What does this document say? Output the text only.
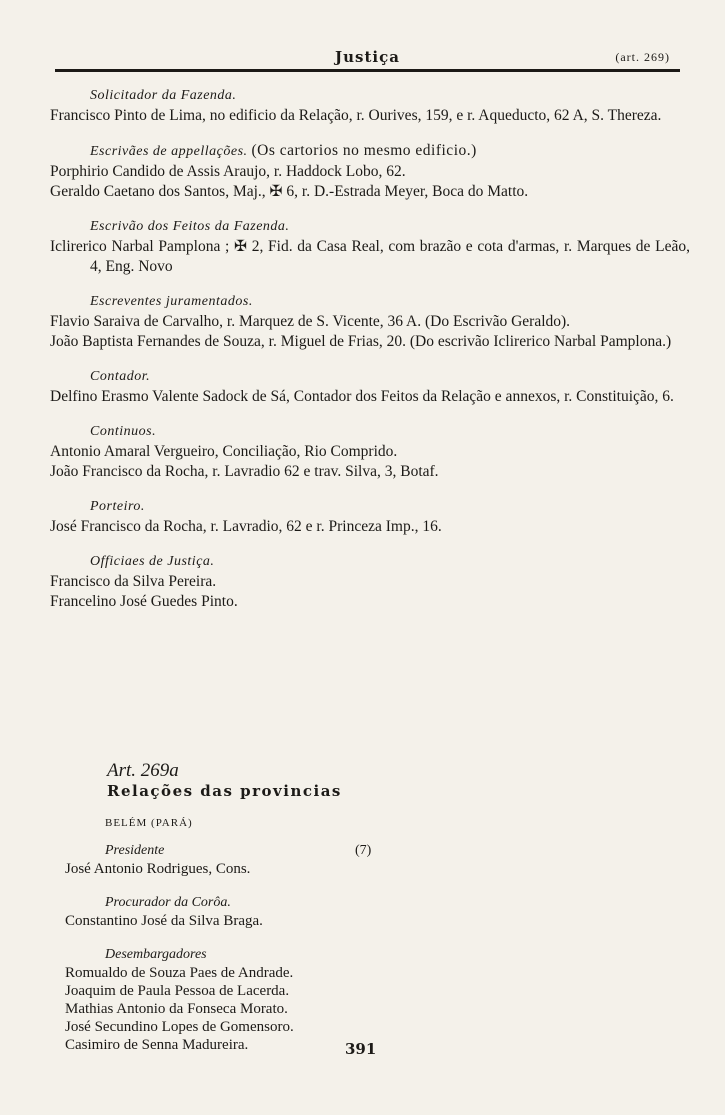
Justiça	(art. 269)
Solicitador da Fazenda.
Francisco Pinto de Lima, no edificio da Relação, r. Ourives, 159, e r. Aqueducto, 62 A, S. Thereza.
Escrivães de appellações. (Os cartorios no mesmo edificio.)
Porphirio Candido de Assis Araujo, r. Haddock Lobo, 62.
Geraldo Caetano dos Santos, Maj., ✠ 6, r. D.-Estrada Meyer, Boca do Matto.
Escrivão dos Feitos da Fazenda.
Iclirerico Narbal Pamplona ; ✠ 2, Fid. da Casa Real, com brazão e cota d'armas, r. Marques de Leão, 4, Eng. Novo
Escreventes juramentados.
Flavio Saraiva de Carvalho, r. Marquez de S. Vicente, 36 A. (Do Escrivão Geraldo).
João Baptista Fernandes de Souza, r. Miguel de Frias, 20. (Do escrivão Iclirerico Narbal Pamplona.)
Contador.
Delfino Erasmo Valente Sadock de Sá, Contador dos Feitos da Relação e annexos, r. Constituição, 6.
Continuos.
Antonio Amaral Vergueiro, Conciliação, Rio Comprido.
João Francisco da Rocha, r. Lavradio 62 e trav. Silva, 3, Botaf.
Porteiro.
José Francisco da Rocha, r. Lavradio, 62 e r. Princeza Imp., 16.
Officiaes de Justiça.
Francisco da Silva Pereira.
Francelino José Guedes Pinto.
Art. 269a
Relações das provincias
BELÉM (PARÁ)
Presidente	(7)
José Antonio Rodrigues, Cons.
Procurador da Corôa.
Constantino José da Silva Braga.
Desembargadores
Romualdo de Souza Paes de Andrade.
Joaquim de Paula Pessoa de Lacerda.
Mathias Antonio da Fonseca Morato.
José Secundino Lopes de Gomensoro.
Casimiro de Senna Madureira.	391
